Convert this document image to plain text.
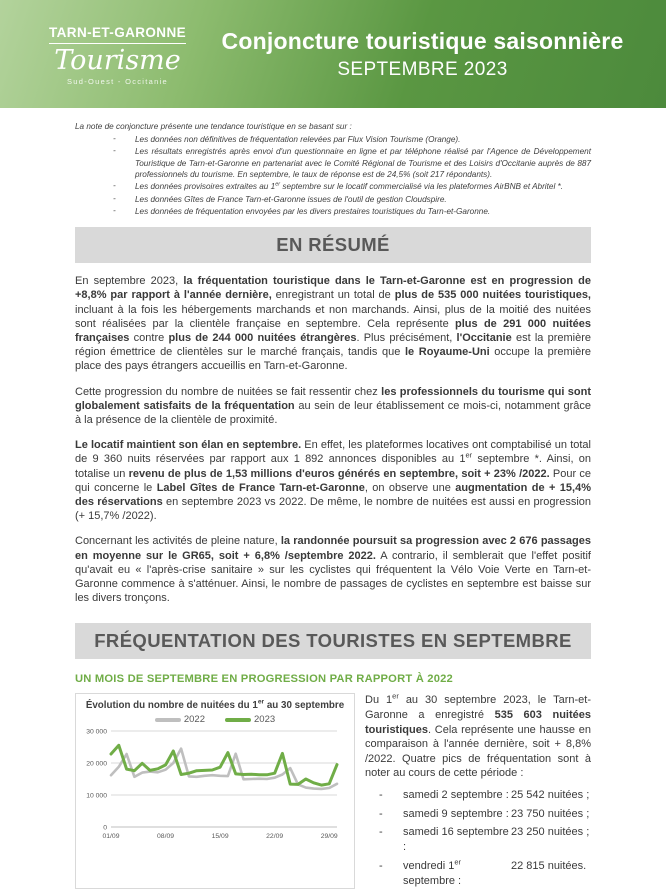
TARN-ET-GARONNE
Tourisme
Sud-Ouest - Occitanie
Conjoncture touristique saisonnière
SEPTEMBRE 2023

La note de conjoncture présente une tendance touristique en se basant sur :

-	Les données non définitives de fréquentation relevées par Flux Vision Tourisme (Orange).
-	Les résultats enregistrés après envoi d'un questionnaire en ligne et par téléphone réalisé par l'Agence de Développement Touristique de Tarn-et-Garonne en partenariat avec le Comité Régional de Tourisme et des Loisirs d'Occitanie auprès de 887 professionnels du tourisme. En septembre, le taux de réponse est de 24,5% (soit 217 répondants).
-	Les données provisoires extraites au 1er septembre sur le locatif commercialisé via les plateformes AirBNB et Abritel *.
-	Les données Gîtes de France Tarn-et-Garonne issues de l'outil de gestion Cloudspire.
-	Les données de fréquentation envoyées par les divers prestaires touristiques du Tarn-et-Garonne.
EN RÉSUMÉ

En septembre 2023, la fréquentation touristique dans le Tarn-et-Garonne est en progression de +8,8% par rapport à l'année dernière, enregistrant un total de plus de 535 000 nuitées touristiques, incluant à la fois les hébergements marchands et non marchands. Ainsi, plus de la moitié des nuitées sont réalisées par la clientèle française en septembre. Cela représente plus de 291 000 nuitées françaises contre plus de 244 000 nuitées étrangères. Plus précisément, l'Occitanie est la première région émettrice de clientèles sur le marché français, tandis que le Royaume-Uni occupe la première place des pays étrangers accueillis en Tarn-et-Garonne.

Cette progression du nombre de nuitées se fait ressentir chez les professionnels du tourisme qui sont globalement satisfaits de la fréquentation au sein de leur établissement ce mois-ci, notamment grâce à la présence de la clientèle de proximité.

Le locatif maintient son élan en septembre. En effet, les plateformes locatives ont comptabilisé un total de 9 360 nuits réservées par rapport aux 1 892 annonces disponibles au 1er septembre *. Ainsi, on totalise un revenu de plus de 1,53 millions d'euros générés en septembre, soit + 23% /2022. Pour ce qui concerne le Label Gîtes de France Tarn-et-Garonne, on observe une augmentation de + 15,4% des réservations en septembre 2023 vs 2022. De même, le nombre de nuitées est aussi en progression (+ 15,7% /2022).

Concernant les activités de pleine nature, la randonnée poursuit sa progression avec 2 676 passages en moyenne sur le GR65, soit + 6,8% /septembre 2022. A contrario, il semblerait que l'effet positif qu'avait eu « l'après-crise sanitaire » sur les cyclistes qui fréquentent la Vélo Voie Verte en Tarn-et-Garonne commence à s'atténuer. Ainsi, le nombre de passages de cyclistes en septembre est baisse sur les divers tronçons.

FRÉQUENTATION DES TOURISTES EN SEPTEMBRE
UN MOIS DE SEPTEMBRE EN PROGRESSION PAR RAPPORT À 2022
Évolution du nombre de nuitées du 1er au 30 septembre
2022	2023
0
10 000
20 000
30 000
01/09	08/09	15/09	22/09	29/09

Du 1er au 30 septembre 2023, le Tarn-et-Garonne a enregistré 535 603 nuitées touristiques. Cela représente une hausse en comparaison à l'année dernière, soit + 8,8% /2022. Quatre pics de fréquentation sont à noter au cours de cette période :

-	samedi 2 septembre : 25 542 nuitées ;
-	samedi 9 septembre : 23 750 nuitées ;
-	samedi 16 septembre :
23 250 nuitées ;
-	vendredi 1er septembre :
22 815 nuitées.
